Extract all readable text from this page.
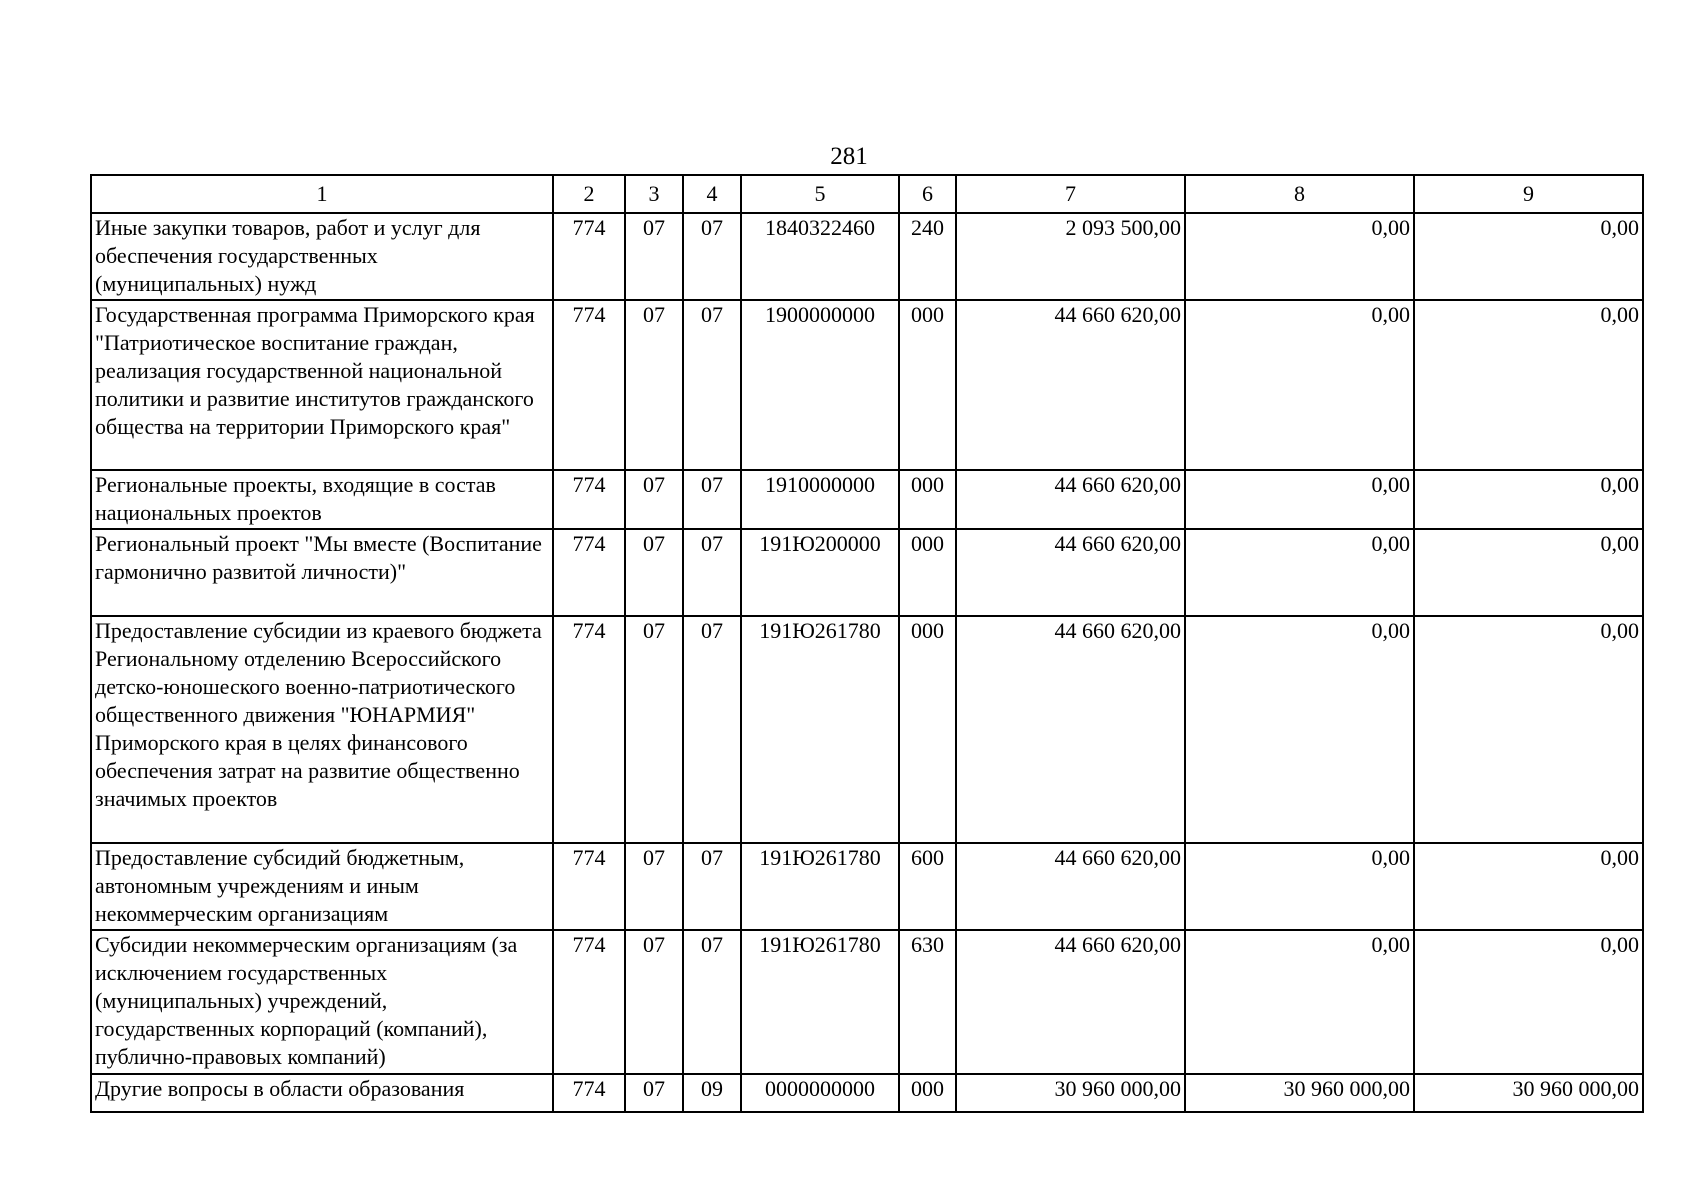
281
1	2	3	4	5	6	7	8	9
Иные закупки товаров, работ и услуг для обеспечения государственных (муниципальных) нужд	774	07	07	1840322460	240	2 093 500,00	0,00	0,00
Государственная программа Приморского края "Патриотическое воспитание граждан, реализация государственной национальной политики и развитие институтов гражданского общества на территории Приморского края"	774	07	07	1900000000	000	44 660 620,00	0,00	0,00
Региональные проекты, входящие в состав национальных проектов	774	07	07	1910000000	000	44 660 620,00	0,00	0,00
Региональный проект "Мы вместе (Воспитание гармонично развитой личности)"	774	07	07	191Ю200000	000	44 660 620,00	0,00	0,00
Предоставление субсидии из краевого бюджета Региональному отделению Всероссийского детско-юношеского военно-патриотического общественного движения "ЮНАРМИЯ" Приморского края в целях финансового обеспечения затрат на развитие общественно значимых проектов	774	07	07	191Ю261780	000	44 660 620,00	0,00	0,00
Предоставление субсидий бюджетным, автономным учреждениям и иным некоммерческим организациям	774	07	07	191Ю261780	600	44 660 620,00	0,00	0,00
Субсидии некоммерческим организациям (за исключением государственных (муниципальных) учреждений, государственных корпораций (компаний), публично-правовых компаний)	774	07	07	191Ю261780	630	44 660 620,00	0,00	0,00
Другие вопросы в области образования	774	07	09	0000000000	000	30 960 000,00	30 960 000,00	30 960 000,00
